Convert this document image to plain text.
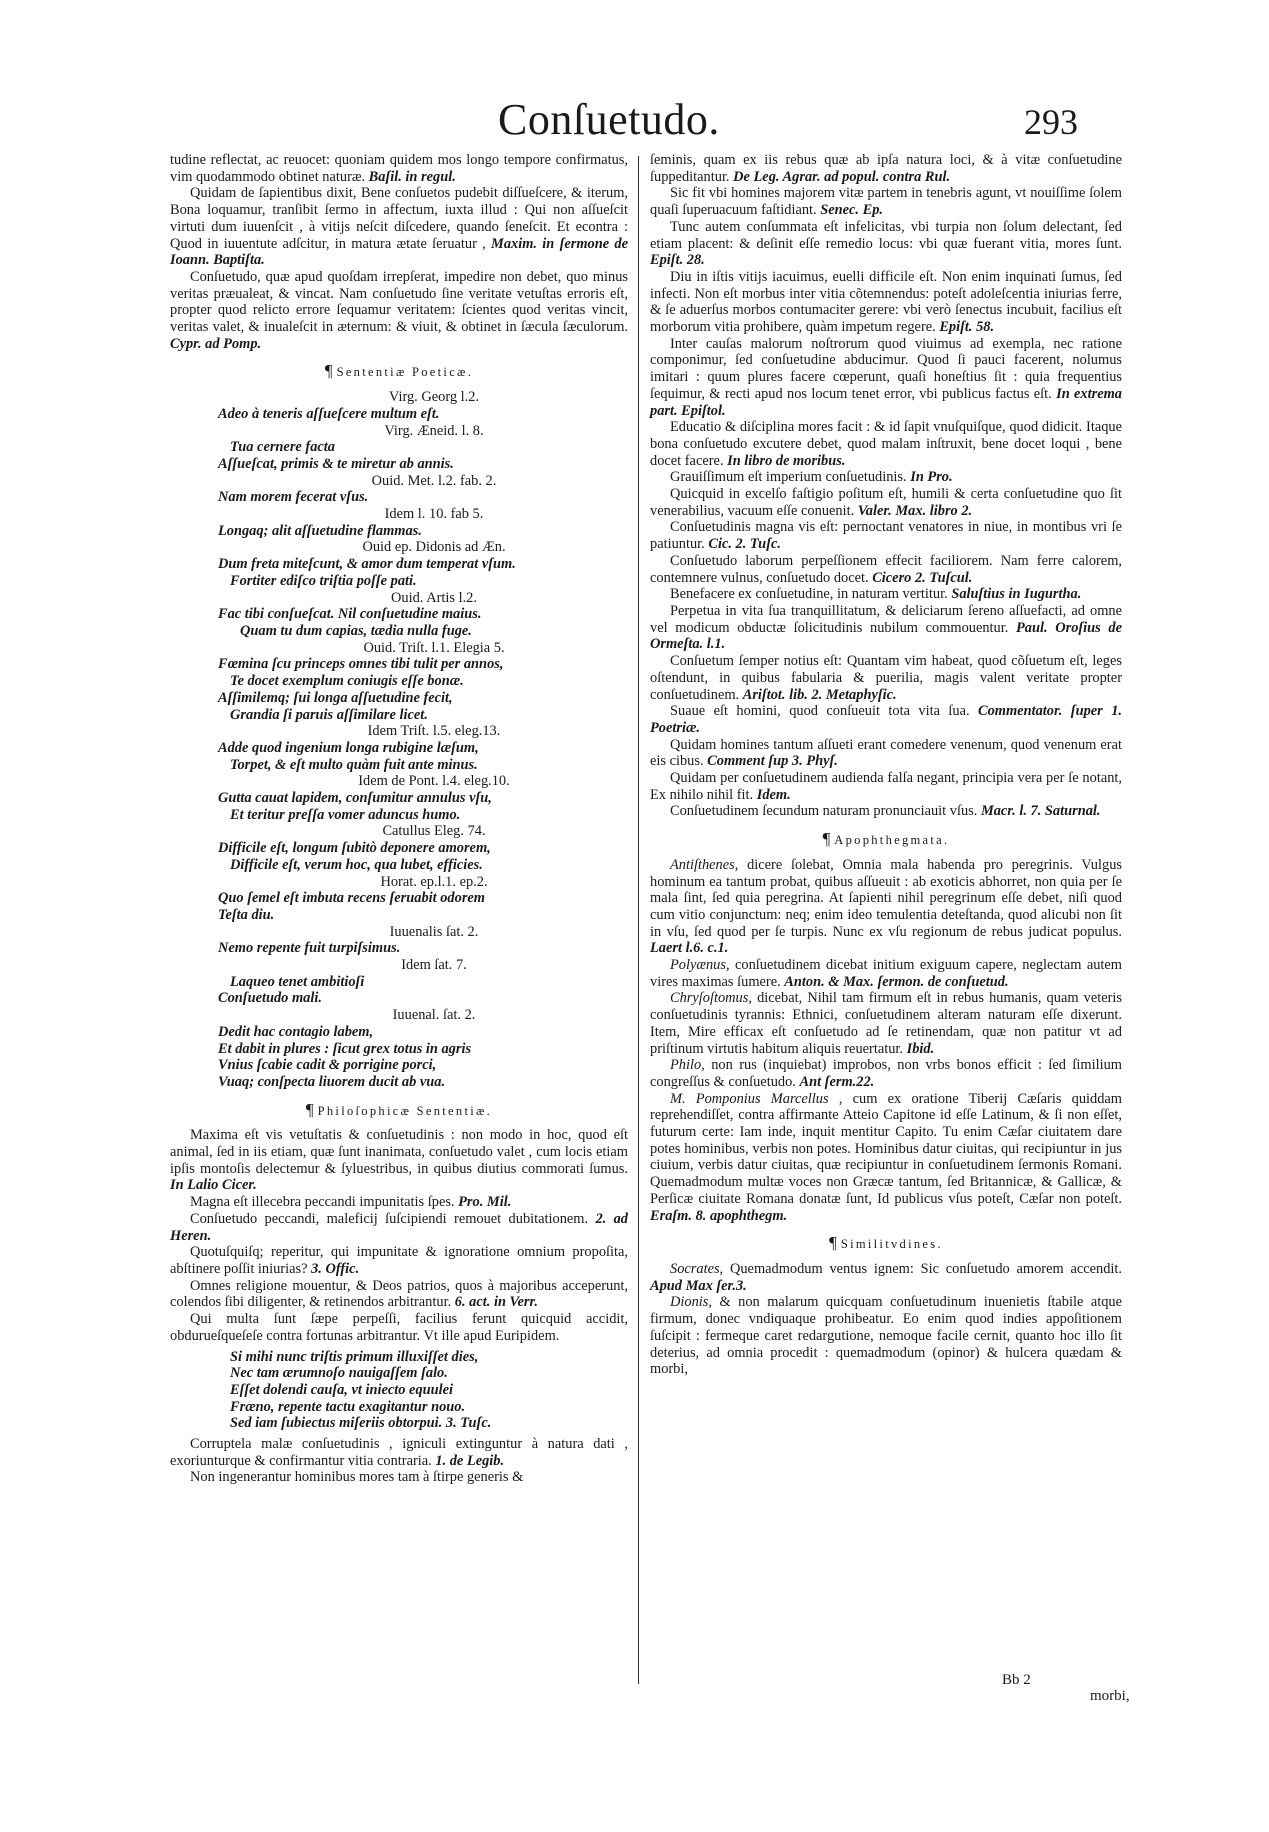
Conſuetudo.	293

tudine reflectat, ac reuocet: quoniam quidem mos longo tempore confirmatus, vim quodammodo obtinet naturæ. Baſil. in regul.

Quidam de ſapientibus dixit, Bene conſuetos pudebit diſſueſcere, & iterum, Bona loquamur, tranſibit ſermo in affectum, iuxta illud : Qui non aſſueſcit virtuti dum iuuenſcit , à vitijs neſcit diſcedere, quando ſeneſcit. Et econtra : Quod in iuuentute adſcitur, in matura ætate ſeruatur , Maxim. in ſermone de Ioann. Baptiſta.

Conſuetudo, quæ apud quoſdam irrepſerat, impedire non debet, quo minus veritas præualeat, & vincat. Nam conſuetudo ſine veritate vetuſtas erroris eſt, propter quod relicto errore ſequamur veritatem: ſcientes quod veritas vincit, veritas valet, & inualeſcit in æternum: & viuit, & obtinet in ſæcula ſæculorum. Cypr. ad Pomp.

¶ Sententiæ Poeticæ.
Virg. Georg l.2.
Adeo à teneris aſſueſcere multum eſt.
Virg. Æneid. l. 8.
Tua cernere facta
Aſſueſcat, primis & te miretur ab annis.
Ouid. Met. l.2. fab. 2.
Nam morem fecerat vſus.
Idem l. 10. fab 5.
Longaq; alit aſſuetudine flammas.
Ouid ep. Didonis ad Æn.
Dum freta miteſcunt, & amor dum temperat vſum.
Fortiter ediſco triſtia poſſe pati.
Ouid. Artis l.2.
Fac tibi conſueſcat. Nil conſuetudine maius.
Quam tu dum capias, tædia nulla fuge.
Ouid. Triſt. l.1. Elegia 5.
Fœmina ſcu princeps omnes tibi tulit per annos,
Te docet exemplum coniugis eſſe bonæ.
Aſſimilemq; ſui longa aſſuetudine fecit,
Grandia ſi paruis aſſimilare licet.
Idem Triſt. l.5. eleg.13.
Adde quod ingenium longa rubigine læſum,
Torpet, & eſt multo quàm fuit ante minus.
Idem de Pont. l.4. eleg.10.
Gutta cauat lapidem, conſumitur annulus vſu,
Et teritur preſſa vomer aduncus humo.
Catullus Eleg. 74.
Difficile eſt, longum ſubitò deponere amorem,
Difficile eſt, verum hoc, qua lubet, efficies.
Horat. ep.l.1. ep.2.
Quo ſemel eſt imbuta recens ſeruabit odorem
Teſta diu.
Iuuenalis ſat. 2.
Nemo repente fuit turpiſsimus.
Idem ſat. 7.
Laqueo tenet ambitioſi
Conſuetudo mali.
Iuuenal. ſat. 2.
Dedit hac contagio labem,
Et dabit in plures : ſicut grex totus in agris
Vnius ſcabie cadit & porrigine porci,
Vuaq; conſpecta liuorem ducit ab vua.
¶ Philoſophicæ Sententiæ.

Maxima eſt vis vetuſtatis & conſuetudinis : non modo in hoc, quod eſt animal, ſed in iis etiam, quæ ſunt inanimata, conſuetudo valet , cum locis etiam ipſis montoſis delectemur & ſyluestribus, in quibus diutius commorati ſumus. In Lalio Cicer.

Magna eſt illecebra peccandi impunitatis ſpes. Pro. Mil.

Conſuetudo peccandi, maleficij ſuſcipiendi remouet dubitationem. 2. ad Heren.

Quotuſquiſq; reperitur, qui impunitate & ignoratione omnium propoſita, abſtinere poſſit iniurias? 3. Offic.

Omnes religione mouentur, & Deos patrios, quos à majoribus acceperunt, colendos ſibi diligenter, & retinendos arbitrantur. 6. act. in Verr.

Qui multa ſunt ſæpe perpeſſi, facilius ferunt quicquid accidit, obdurueſqueſeſe contra fortunas arbitrantur. Vt ille apud Euripidem.

Si mihi nunc triſtis primum illuxiſſet dies,
Nec tam ærumnoſo nauigaſſem ſalo.
Eſſet dolendi cauſa, vt iniecto equulei
Fræno, repente tactu exagitantur nouo.
Sed iam ſubiectus miſeriis obtorpui. 3. Tuſc.

Corruptela malæ conſuetudinis , igniculi extinguntur à natura dati , exoriunturque & confirmantur vitia contraria. 1. de Legib.

Non ingenerantur hominibus mores tam à ſtirpe generis &

ſeminis, quam ex iis rebus quæ ab ipſa natura loci, & à vitæ conſuetudine ſuppeditantur. De Leg. Agrar. ad popul. contra Rul.

Sic fit vbi homines majorem vitæ partem in tenebris agunt, vt nouiſſime ſolem quaſi ſuperuacuum faſtidiant. Senec. Ep.

Tunc autem conſummata eſt infelicitas, vbi turpia non ſolum delectant, ſed etiam placent: & deſinit eſſe remedio locus: vbi quæ fuerant vitia, mores ſunt. Epiſt. 28.

Diu in iſtis vitijs iacuimus, euelli difficile eſt. Non enim inquinati ſumus, ſed infecti. Non eſt morbus inter vitia cõtemnendus: poteſt adoleſcentia iniurias ferre, & ſe aduerſus morbos contumaciter gerere: vbi verò ſenectus incubuit, facilius eſt morborum vitia prohibere, quàm impetum regere. Epiſt. 58.

Inter cauſas malorum noſtrorum quod viuimus ad exempla, nec ratione componimur, ſed conſuetudine abducimur. Quod ſi pauci facerent, nolumus imitari : quum plures facere cœperunt, quaſi honeſtius ſit : quia frequentius ſequimur, & recti apud nos locum tenet error, vbi publicus factus eſt. In extrema part. Epiſtol.

Educatio & diſciplina mores facit : & id ſapit vnuſquiſque, quod didicit. Itaque bona conſuetudo excutere debet, quod malam inſtruxit, bene docet loqui , bene docet facere. In libro de moribus.

Grauiſſimum eſt imperium conſuetudinis. In Pro.

Quicquid in excelſo faſtigio poſitum eſt, humili & certa conſuetudine quo ſit venerabilius, vacuum eſſe conuenit. Valer. Max. libro 2.

Conſuetudinis magna vis eſt: pernoctant venatores in niue, in montibus vri ſe patiuntur. Cic. 2. Tuſc.

Conſuetudo laborum perpeſſionem effecit faciliorem. Nam ferre calorem, contemnere vulnus, conſuetudo docet. Cicero 2. Tuſcul.

Benefacere ex conſuetudine, in naturam vertitur. Saluſtius in Iugurtha.

Perpetua in vita ſua tranquillitatum, & deliciarum ſereno aſſuefacti, ad omne vel modicum obductæ ſolicitudinis nubilum commouentur. Paul. Oroſius de Ormeſta. l.1.

Conſuetum ſemper notius eſt: Quantam vim habeat, quod cõſuetum eſt, leges oſtendunt, in quibus fabularia & puerilia, magis valent veritate propter conſuetudinem. Ariſtot. lib. 2. Metaphyſic.

Suaue eſt homini, quod conſueuit tota vita ſua. Commentator. ſuper 1. Poetriæ.

Quidam homines tantum aſſueti erant comedere venenum, quod venenum erat eis cibus. Comment ſup 3. Phyſ.

Quidam per conſuetudinem audienda falſa negant, principia vera per ſe notant, Ex nihilo nihil fit. Idem.

Conſuetudinem ſecundum naturam pronunciauit vſus. Macr. l. 7. Saturnal.

¶ Apophthegmata.

Antiſthenes, dicere ſolebat, Omnia mala habenda pro peregrinis. Vulgus hominum ea tantum probat, quibus aſſueuit : ab exoticis abhorret, non quia per ſe mala ſint, ſed quia peregrina. At ſapienti nihil peregrinum eſſe debet, niſi quod cum vitio conjunctum: neq; enim ideo temulentia deteſtanda, quod alicubi non ſit in vſu, ſed quod per ſe turpis. Nunc ex vſu regionum de rebus judicat populus. Laert l.6. c.1.

Polyænus, conſuetudinem dicebat initium exiguum capere, neglectam autem vires maximas ſumere. Anton. & Max. ſermon. de conſuetud.

Chryſoſtomus, dicebat, Nihil tam firmum eſt in rebus humanis, quam veteris conſuetudinis tyrannis: Ethnici, conſuetudinem alteram naturam eſſe dixerunt. Item, Mire efficax eſt conſuetudo ad ſe retinendam, quæ non patitur vt ad priſtinum virtutis habitum aliquis reuertatur. Ibid.

Philo, non rus (inquiebat) improbos, non vrbs bonos efficit : ſed ſimilium congreſſus & conſuetudo. Ant ſerm.22.

M. Pomponius Marcellus , cum ex oratione Tiberij Cæſaris quiddam reprehendiſſet, contra affirmante Atteio Capitone id eſſe Latinum, & ſi non eſſet, futurum certe: Iam inde, inquit mentitur Capito. Tu enim Cæſar ciuitatem dare potes hominibus, verbis non potes. Hominibus datur ciuitas, qui recipiuntur in jus ciuium, verbis datur ciuitas, quæ recipiuntur in conſuetudinem ſermonis Romani. Quemadmodum multæ voces non Græcæ tantum, ſed Britannicæ, & Gallicæ, & Perſicæ ciuitate Romana donatæ ſunt, Id publicus vſus poteſt, Cæſar non poteſt. Eraſm. 8. apophthegm.

¶ Similitvdines.

Socrates, Quemadmodum ventus ignem: Sic conſuetudo amorem accendit. Apud Max ſer.3.

Dionis, & non malarum quicquam conſuetudinum inuenietis ſtabile atque firmum, donec vndiquaque prohibeatur. Eo enim quod indies appoſitionem ſuſcipit : fermeque caret redargutione, nemoque facile cernit, quanto hoc illo ſit deterius, ad omnia procedit : quemadmodum (opinor) & hulcera quædam & morbi,

Bb 2
morbi,
